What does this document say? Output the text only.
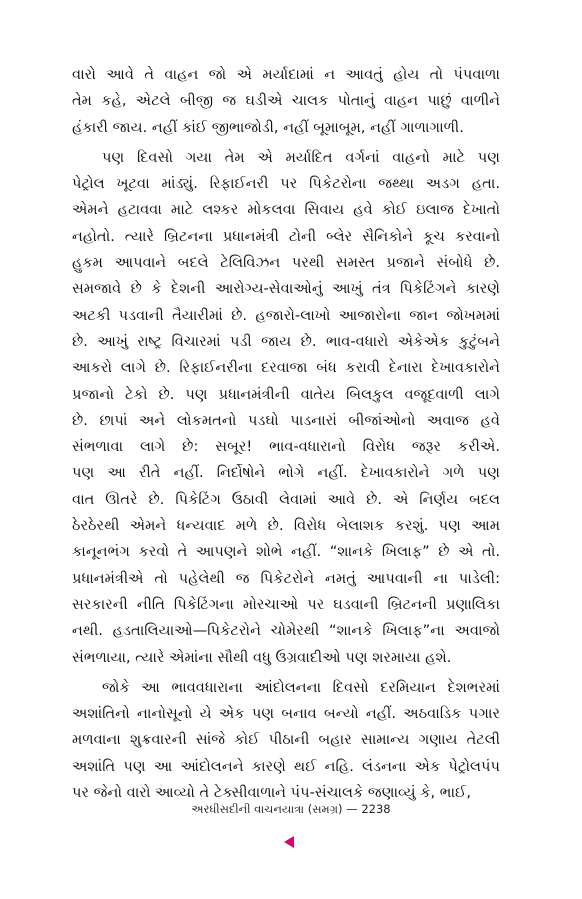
વારો આવે તે વાહન જો એ મર્યાદામાં ન આવતું હોય તો પંપવાળા
તેમ કહે, એટલે બીજી જ ઘડીએ ચાલક પોતાનું વાહન પાછું વાળીને
હંકારી જાય. નહીં કાંઈ જીભાજોડી, નહીં બૂમાબૂમ, નહીં ગાળાગાળી.
પણ દિવસો ગયા તેમ એ મર્યાદિત વર્ગનાં વાહનો માટે પણ
પેટ્રોલ ખૂટવા માંડ્યું. રિફાઈનરી પર પિકેટરોના જથ્થા અડગ હતા.
એમને હટાવવા માટે લશ્કર મોકલવા સિવાય હવે કોઈ ઇલાજ દેખાતો
નહોતો. ત્યારે બ્રિટનના પ્રધાનમંત્રી ટોની બ્લેર સૈનિકોને કૂચ કરવાનો
હુકમ આપવાને બદલે ટેલિવિઝન પરથી સમસ્ત પ્રજાને સંબોધે છે.
સમજાવે છે કે દેશની આરોગ્ય-સેવાઓનું આખું તંત્ર પિકેટિંગને કારણે
અટકી પડવાની તૈયારીમાં છે. હજારો-લાખો આજારોના જાન જોખમમાં
છે. આખું રાષ્ટ્ર વિચારમાં પડી જાય છે. ભાવ-વધારો એકેએક કુટુંબને
આકરો લાગે છે. રિફાઈનરીના દરવાજા બંધ કરાવી દેનારા દેખાવકારોને
પ્રજાનો ટેકો છે. પણ પ્રધાનમંત્રીની વાતેય બિલકુલ વજૂદવાળી લાગે
છે. છાપાં અને લોકમતનો પડઘો પાડનારાં બીજાંઓનો અવાજ હવે
સંભળાવા લાગે છે: સબૂર! ભાવ-વધારાનો વિરોધ જરૂર કરીએ.
પણ આ રીતે નહીં. નિર્દોષોને ભોગે નહીં. દેખાવકારોને ગળે પણ
વાત ઊતરે છે. પિકેટિંગ ઉઠાવી લેવામાં આવે છે. એ નિર્ણય બદલ
ઠેરઠેરથી એમને ધન્યવાદ મળે છે. વિરોધ બેલાશક કરશું. પણ આમ
કાનૂનભંગ કરવો તે આપણને શોભે નહીં. “શાનકે ખિલાફ” છે એ તો.
પ્રધાનમંત્રીએ તો પહેલેથી જ પિકેટરોને નમતું આપવાની ના પાડેલી:
સરકારની નીતિ પિકેટિંગના મોરચાઓ પર ઘડવાની બ્રિટનની પ્રણાલિકા
નથી. હડતાલિયાઓ—પિકેટરોને ચોમેરથી “શાનકે ખિલાફ”ના અવાજો
સંભળાયા, ત્યારે એમાંના સૌથી વધુ ઉગ્રવાદીઓ પણ શરમાયા હશે.
જોકે આ ભાવવધારાના આંદોલનના દિવસો દરમિયાન દેશભરમાં
અશાંતિનો નાનોસૂનો યે એક પણ બનાવ બન્યો નહીં. અઠવાડિક પગાર
મળવાના શુક્રવારની સાંજે કોઈ પીઠાની બહાર સામાન્ય ગણાય તેટલી
અશાંતિ પણ આ આંદોલનને કારણે થઈ નહિ. લંડનના એક પેટ્રોલપંપ
પર જેનો વારો આવ્યો તે ટેક્સીવાળાને પંપ-સંચાલકે જણાવ્યું કે, ભાઈ,
અરધીસદીની વાચનયાત્રા (સમગ્ર) — 2238
